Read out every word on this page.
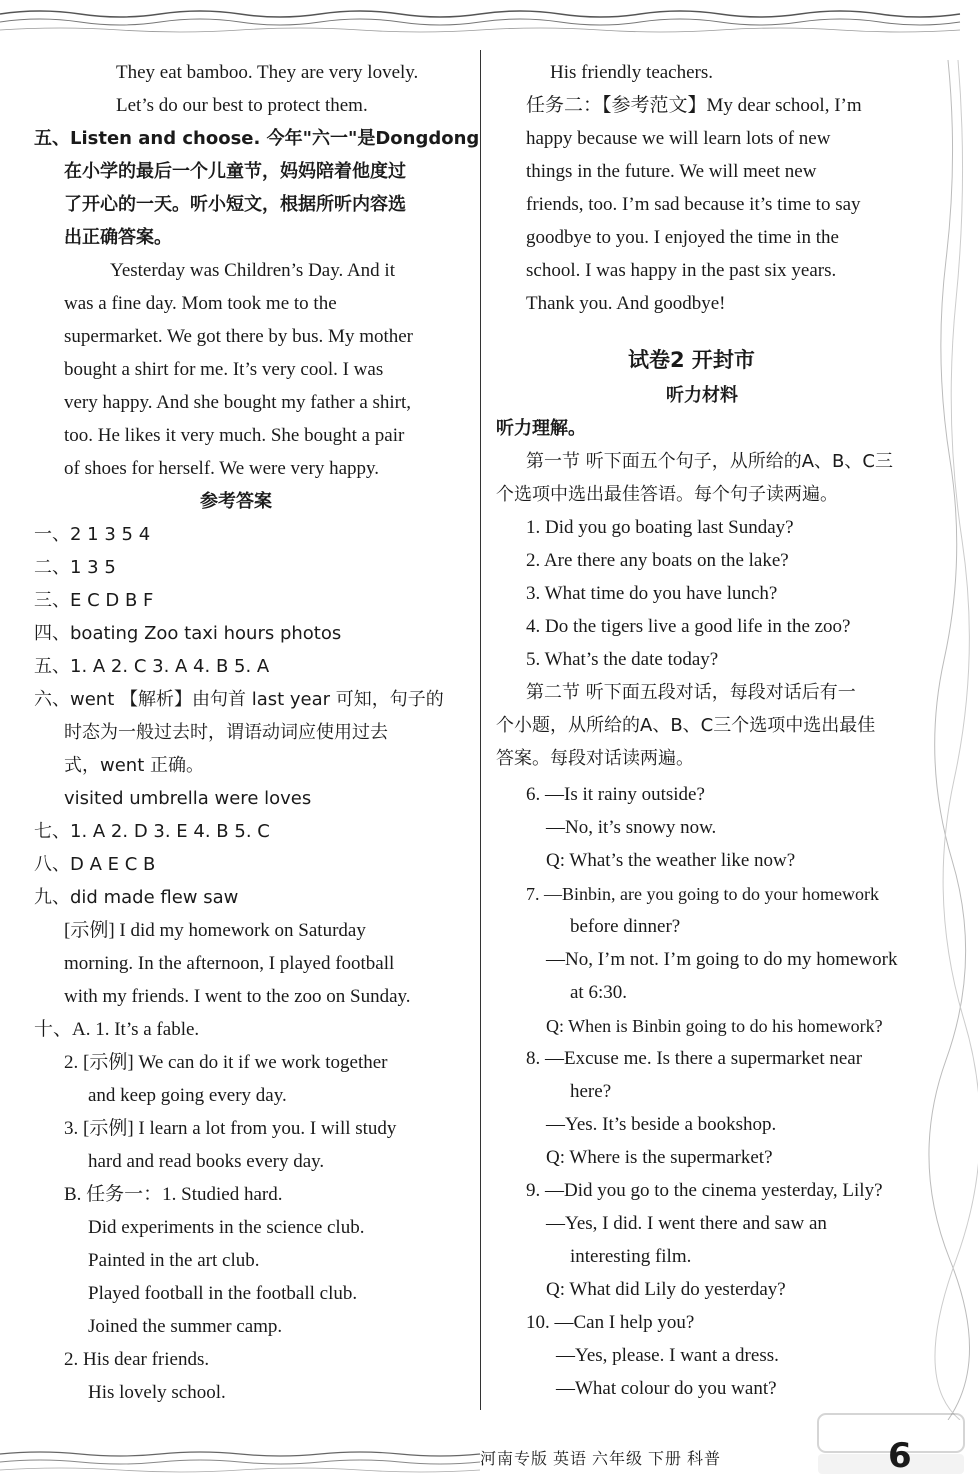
They eat bamboo. They are very lovely.
Let’s do our best to protect them.
五、Listen and choose. 今年"六一"是Dongdong
在小学的最后一个儿童节，妈妈陪着他度过
了开心的一天。听小短文，根据所听内容选
出正确答案。
Yesterday was Children’s Day. And it
was a fine day. Mom took me to the
supermarket. We got there by bus. My mother
bought a shirt for me. It’s very cool. I was
very happy. And she bought my father a shirt,
too. He likes it very much. She bought a pair
of shoes for herself. We were very happy.
参考答案
一、2 1 3 5 4
二、1 3 5
三、E C D B F
四、boating Zoo taxi hours photos
五、1. A 2. C 3. A 4. B 5. A
六、went 【解析】由句首 last year 可知，句子的
时态为一般过去时，谓语动词应使用过去
式，went 正确。
visited umbrella were loves
七、1. A 2. D 3. E 4. B 5. C
八、D A E C B
九、did made flew saw
[示例] I did my homework on Saturday
morning. In the afternoon, I played football
with my friends. I went to the zoo on Sunday.
十、A. 1. It’s a fable.
2. [示例] We can do it if we work together
and keep going every day.
3. [示例] I learn a lot from you. I will study
hard and read books every day.
B. 任务一：1. Studied hard.
Did experiments in the science club.
Painted in the art club.
Played football in the football club.
Joined the summer camp.
2. His dear friends.
His lovely school.
His friendly teachers.
任务二：【参考范文】My dear school, I’m
happy because we will learn lots of new
things in the future. We will meet new
friends, too. I’m sad because it’s time to say
goodbye to you. I enjoyed the time in the
school. I was happy in the past six years.
Thank you. And goodbye!
试卷2 开封市
听力材料
听力理解。
第一节 听下面五个句子，从所给的A、B、C三
个选项中选出最佳答语。每个句子读两遍。
1. Did you go boating last Sunday?
2. Are there any boats on the lake?
3. What time do you have lunch?
4. Do the tigers live a good life in the zoo?
5. What’s the date today?
第二节 听下面五段对话，每段对话后有一
个小题，从所给的A、B、C三个选项中选出最佳
答案。每段对话读两遍。
6. —Is it rainy outside?
—No, it’s snowy now.
Q: What’s the weather like now?
7. —Binbin, are you going to do your homework
before dinner?
—No, I’m not. I’m going to do my homework
at 6:30.
Q: When is Binbin going to do his homework?
8. —Excuse me. Is there a supermarket near
here?
—Yes. It’s beside a bookshop.
Q: Where is the supermarket?
9. —Did you go to the cinema yesterday, Lily?
—Yes, I did. I went there and saw an
interesting film.
Q: What did Lily do yesterday?
10. —Can I help you?
—Yes, please. I want a dress.
—What colour do you want?
河南专版 英语 六年级 下册 科普	6
